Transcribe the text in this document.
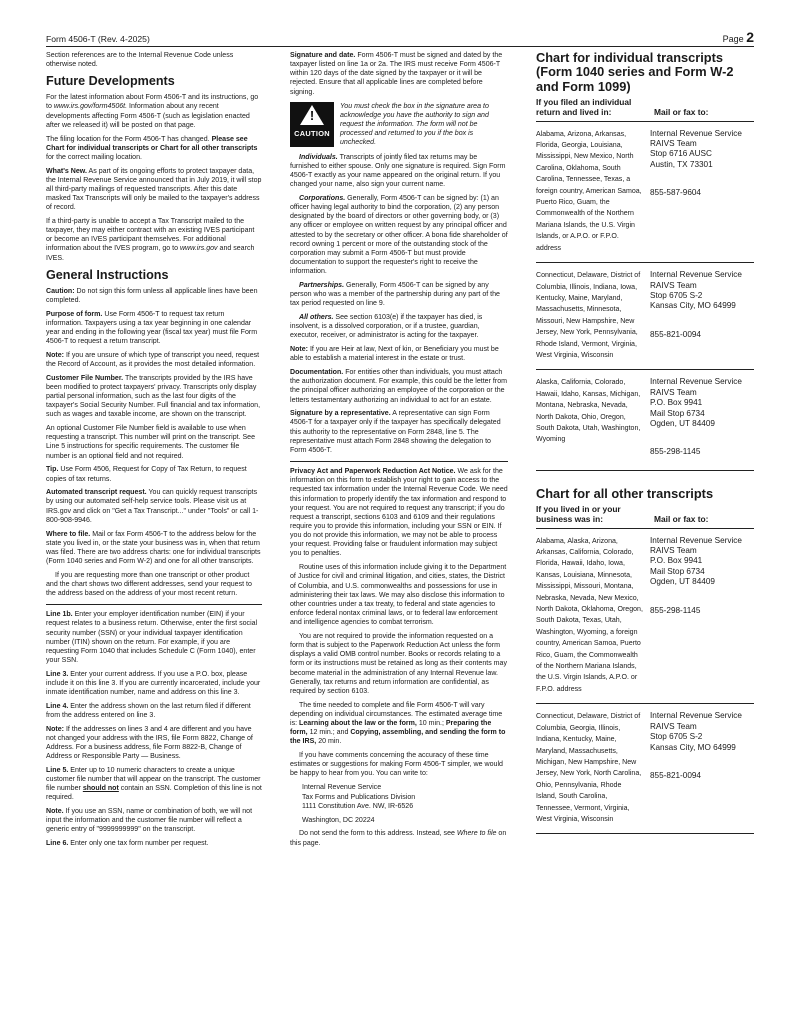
Form 4506-T (Rev. 4-2025)	Page 2

Section references are to the Internal Revenue Code unless otherwise noted.

Future Developments

For the latest information about Form 4506-T and its instructions, go to www.irs.gov/form4506t. Information about any recent developments affecting Form 4506-T (such as legislation enacted after we released it) will be posted on that page.

The filing location for the Form 4506-T has changed. Please see Chart for individual transcripts or Chart for all other transcripts for the correct mailing location.

What's New. As part of its ongoing efforts to protect taxpayer data, the Internal Revenue Service announced that in July 2019, it will stop all third-party mailings of requested transcripts. After this date masked Tax Transcripts will only be mailed to the taxpayer's address of record.

If a third-party is unable to accept a Tax Transcript mailed to the taxpayer, they may either contract with an existing IVES participant or become an IVES participant themselves. For additional information about the IVES program, go to www.irs.gov and search IVES.

General Instructions

Caution: Do not sign this form unless all applicable lines have been completed.

Purpose of form. Use Form 4506-T to request tax return information. Taxpayers using a tax year beginning in one calendar year and ending in the following year (fiscal tax year) must file Form 4506-T to request a return transcript.

Note: If you are unsure of which type of transcript you need, request the Record of Account, as it provides the most detailed information.

Customer File Number. The transcripts provided by the IRS have been modified to protect taxpayers' privacy. Transcripts only display partial personal information, such as the last four digits of the taxpayer's Social Security Number. Full financial and tax information, such as wages and taxable income, are shown on the transcript.

An optional Customer File Number field is available to use when requesting a transcript. This number will print on the transcript. See Line 5 instructions for specific requirements. The customer file number is an optional field and not required.

Tip. Use Form 4506, Request for Copy of Tax Return, to request copies of tax returns.

Automated transcript request. You can quickly request transcripts by using our automated self-help service tools. Please visit us at IRS.gov and click on "Get a Tax Transcript..." under "Tools" or call 1-800-908-9946.

Where to file. Mail or fax Form 4506-T to the address below for the state you lived in, or the state your business was in, when that return was filed. There are two address charts: one for individual transcripts (Form 1040 series and Form W-2) and one for all other transcripts.

If you are requesting more than one transcript or other product and the chart shows two different addresses, send your request to the address based on the address of your most recent return.

Line 1b. Enter your employer identification number (EIN) if your request relates to a business return. Otherwise, enter the first social security number (SSN) or your individual taxpayer identification number (ITIN) shown on the return. For example, if you are requesting Form 1040 that includes Schedule C (Form 1040), enter your SSN.

Line 3. Enter your current address. If you use a P.O. box, please include it on this line 3. If you are currently incarcerated, include your inmate identification number, name and address on this line 3.

Line 4. Enter the address shown on the last return filed if different from the address entered on line 3.

Note: If the addresses on lines 3 and 4 are different and you have not changed your address with the IRS, file Form 8822, Change of Address. For a business address, file Form 8822-B, Change of Address or Responsible Party — Business.

Line 5. Enter up to 10 numeric characters to create a unique customer file number that will appear on the transcript. The customer file number should not contain an SSN. Completion of this line is not required.

Note. If you use an SSN, name or combination of both, we will not input the information and the customer file number will reflect a generic entry of "9999999999" on the transcript.

Line 6. Enter only one tax form number per request.

Signature and date. Form 4506-T must be signed and dated by the taxpayer listed on line 1a or 2a. The IRS must receive Form 4506-T within 120 days of the date signed by the taxpayer or it will be rejected. Ensure that all applicable lines are completed before signing.

!
CAUTION
You must check the box in the signature area to acknowledge you have the authority to sign and request the information. The form will not be processed and returned to you if the box is unchecked.

Individuals. Transcripts of jointly filed tax returns may be furnished to either spouse. Only one signature is required. Sign Form 4506-T exactly as your name appeared on the original return. If you changed your name, also sign your current name.

Corporations. Generally, Form 4506-T can be signed by: (1) an officer having legal authority to bind the corporation, (2) any person designated by the board of directors or other governing body, or (3) any officer or employee on written request by any principal officer and attested to by the secretary or other officer. A bona fide shareholder of record owning 1 percent or more of the outstanding stock of the corporation may submit a Form 4506-T but must provide documentation to support the requester's right to receive the information.

Partnerships. Generally, Form 4506-T can be signed by any person who was a member of the partnership during any part of the tax period requested on line 9.

All others. See section 6103(e) if the taxpayer has died, is insolvent, is a dissolved corporation, or if a trustee, guardian, executor, receiver, or administrator is acting for the taxpayer.

Note: If you are Heir at law, Next of kin, or Beneficiary you must be able to establish a material interest in the estate or trust.

Documentation. For entities other than individuals, you must attach the authorization document. For example, this could be the letter from the principal officer authorizing an employee of the corporation or the letters testamentary authorizing an individual to act for an estate.

Signature by a representative. A representative can sign Form 4506-T for a taxpayer only if the taxpayer has specifically delegated this authority to the representative on Form 2848, line 5. The representative must attach Form 2848 showing the delegation to Form 4506-T.

Privacy Act and Paperwork Reduction Act Notice. We ask for the information on this form to establish your right to gain access to the requested tax information under the Internal Revenue Code. We need this information to properly identify the tax information and respond to your request. You are not required to request any transcript; if you do request a transcript, sections 6103 and 6109 and their regulations require you to provide this information, including your SSN or EIN. If you do not provide this information, we may not be able to process your request. Providing false or fraudulent information may subject you to penalties.

Routine uses of this information include giving it to the Department of Justice for civil and criminal litigation, and cities, states, the District of Columbia, and U.S. commonwealths and possessions for use in administering their tax laws. We may also disclose this information to other countries under a tax treaty, to federal and state agencies to enforce federal nontax criminal laws, or to federal law enforcement and intelligence agencies to combat terrorism.

You are not required to provide the information requested on a form that is subject to the Paperwork Reduction Act unless the form displays a valid OMB control number. Books or records relating to a form or its instructions must be retained as long as their contents may become material in the administration of any Internal Revenue law. Generally, tax returns and return information are confidential, as required by section 6103.

The time needed to complete and file Form 4506-T will vary depending on individual circumstances. The estimated average time is: Learning about the law or the form, 10 min.; Preparing the form, 12 min.; and Copying, assembling, and sending the form to the IRS, 20 min.

If you have comments concerning the accuracy of these time estimates or suggestions for making Form 4506-T simpler, we would be happy to hear from you. You can write to:

Internal Revenue Service
Tax Forms and Publications Division
1111 Constitution Ave. NW, IR-6526
Washington, DC 20224

Do not send the form to this address. Instead, see Where to file on this page.

Chart for individual transcripts (Form 1040 series and Form W-2 and Form 1099)
If you filed an individual return and lived in:	Mail or fax to:
Alabama, Arizona, Arkansas, Florida, Georgia, Louisiana, Mississippi, New Mexico, North Carolina, Oklahoma, South Carolina, Tennessee, Texas, a foreign country, American Samoa, Puerto Rico, Guam, the Commonwealth of the Northern Mariana Islands, the U.S. Virgin Islands, or A.P.O. or F.P.O. address
Internal Revenue Service
RAIVS Team
Stop 6716 AUSC
Austin, TX 73301
855-587-9604
Connecticut, Delaware, District of Columbia, Illinois, Indiana, Iowa, Kentucky, Maine, Maryland, Massachusetts, Minnesota, Missouri, New Hampshire, New Jersey, New York, Pennsylvania, Rhode Island, Vermont, Virginia, West Virginia, Wisconsin
Internal Revenue Service
RAIVS Team
Stop 6705 S-2
Kansas City, MO 64999
855-821-0094
Alaska, California, Colorado, Hawaii, Idaho, Kansas, Michigan, Montana, Nebraska, Nevada, North Dakota, Ohio, Oregon, South Dakota, Utah, Washington, Wyoming
Internal Revenue Service
RAIVS Team
P.O. Box 9941
Mail Stop 6734
Ogden, UT 84409
855-298-1145
Chart for all other transcripts
If you lived in or your business was in:	Mail or fax to:
Alabama, Alaska, Arizona, Arkansas, California, Colorado, Florida, Hawaii, Idaho, Iowa, Kansas, Louisiana, Minnesota, Mississippi, Missouri, Montana, Nebraska, Nevada, New Mexico, North Dakota, Oklahoma, Oregon, South Dakota, Texas, Utah, Washington, Wyoming, a foreign country, American Samoa, Puerto Rico, Guam, the Commonwealth of the Northern Mariana Islands, the U.S. Virgin Islands, A.P.O. or F.P.O. address
Internal Revenue Service
RAIVS Team
P.O. Box 9941
Mail Stop 6734
Ogden, UT 84409
855-298-1145
Connecticut, Delaware, District of Columbia, Georgia, Illinois, Indiana, Kentucky, Maine, Maryland, Massachusetts, Michigan, New Hampshire, New Jersey, New York, North Carolina, Ohio, Pennsylvania, Rhode Island, South Carolina, Tennessee, Vermont, Virginia, West Virginia, Wisconsin
Internal Revenue Service
RAIVS Team
Stop 6705 S-2
Kansas City, MO 64999
855-821-0094
